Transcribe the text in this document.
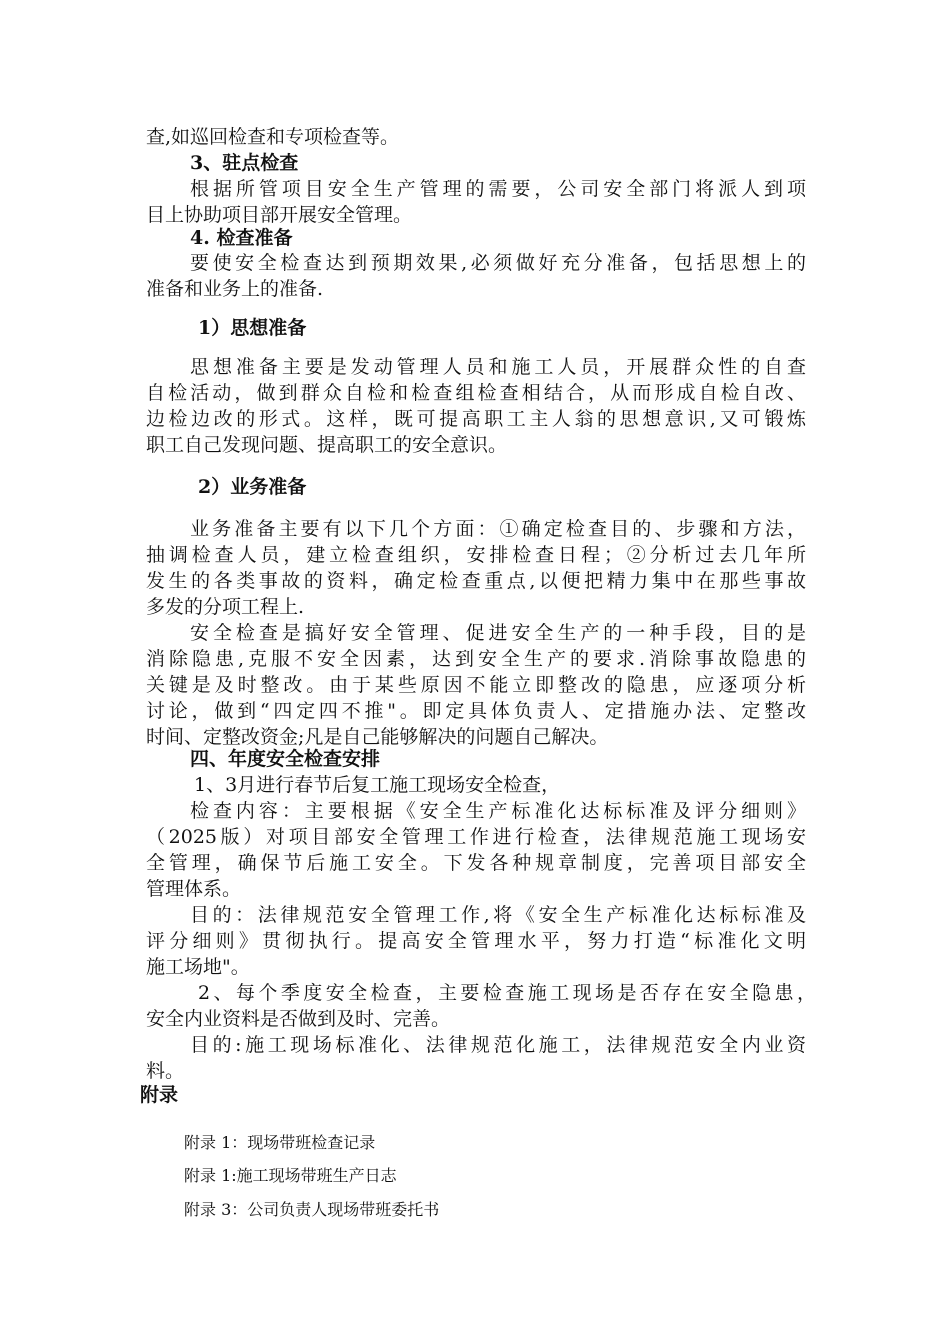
查,如巡回检查和专项检查等。
3、驻点检查
根据所管项目安全生产管理的需要，公司安全部门将派人到项
目上协助项目部开展安全管理。
4. 检查准备
要使安全检查达到预期效果,必须做好充分准备，包括思想上的
准备和业务上的准备.
1）思想准备
思想准备主要是发动管理人员和施工人员，开展群众性的自查
自检活动，做到群众自检和检查组检查相结合，从而形成自检自改、
边检边改的形式。这样，既可提高职工主人翁的思想意识,又可锻炼
职工自己发现问题、提高职工的安全意识。
2）业务准备
业务准备主要有以下几个方面：①确定检查目的、步骤和方法，
抽调检查人员，建立检查组织，安排检查日程；②分析过去几年所
发生的各类事故的资料，确定检查重点,以便把精力集中在那些事故
多发的分项工程上.
安全检查是搞好安全管理、促进安全生产的一种手段，目的是
消除隐患,克服不安全因素，达到安全生产的要求.消除事故隐患的
关键是及时整改。由于某些原因不能立即整改的隐患，应逐项分析
讨论，做到“四定四不推"。即定具体负责人、定措施办法、定整改
时间、定整改资金;凡是自己能够解决的问题自己解决。
四、年度安全检查安排
1、3月进行春节后复工施工现场安全检查，
检查内容：主要根据《安全生产标准化达标标准及评分细则》
（2025版）对项目部安全管理工作进行检查，法律规范施工现场安
全管理，确保节后施工安全。下发各种规章制度，完善项目部安全
管理体系。
目的：法律规范安全管理工作,将《安全生产标准化达标标准及
评分细则》贯彻执行。提高安全管理水平，努力打造“标准化文明
施工场地"。
2、每个季度安全检查，主要检查施工现场是否存在安全隐患，
安全内业资料是否做到及时、完善。
目的:施工现场标准化、法律规范化施工，法律规范安全内业资
料。
附录
附录 1：现场带班检查记录
附录 1:施工现场带班生产日志
附录 3：公司负责人现场带班委托书
